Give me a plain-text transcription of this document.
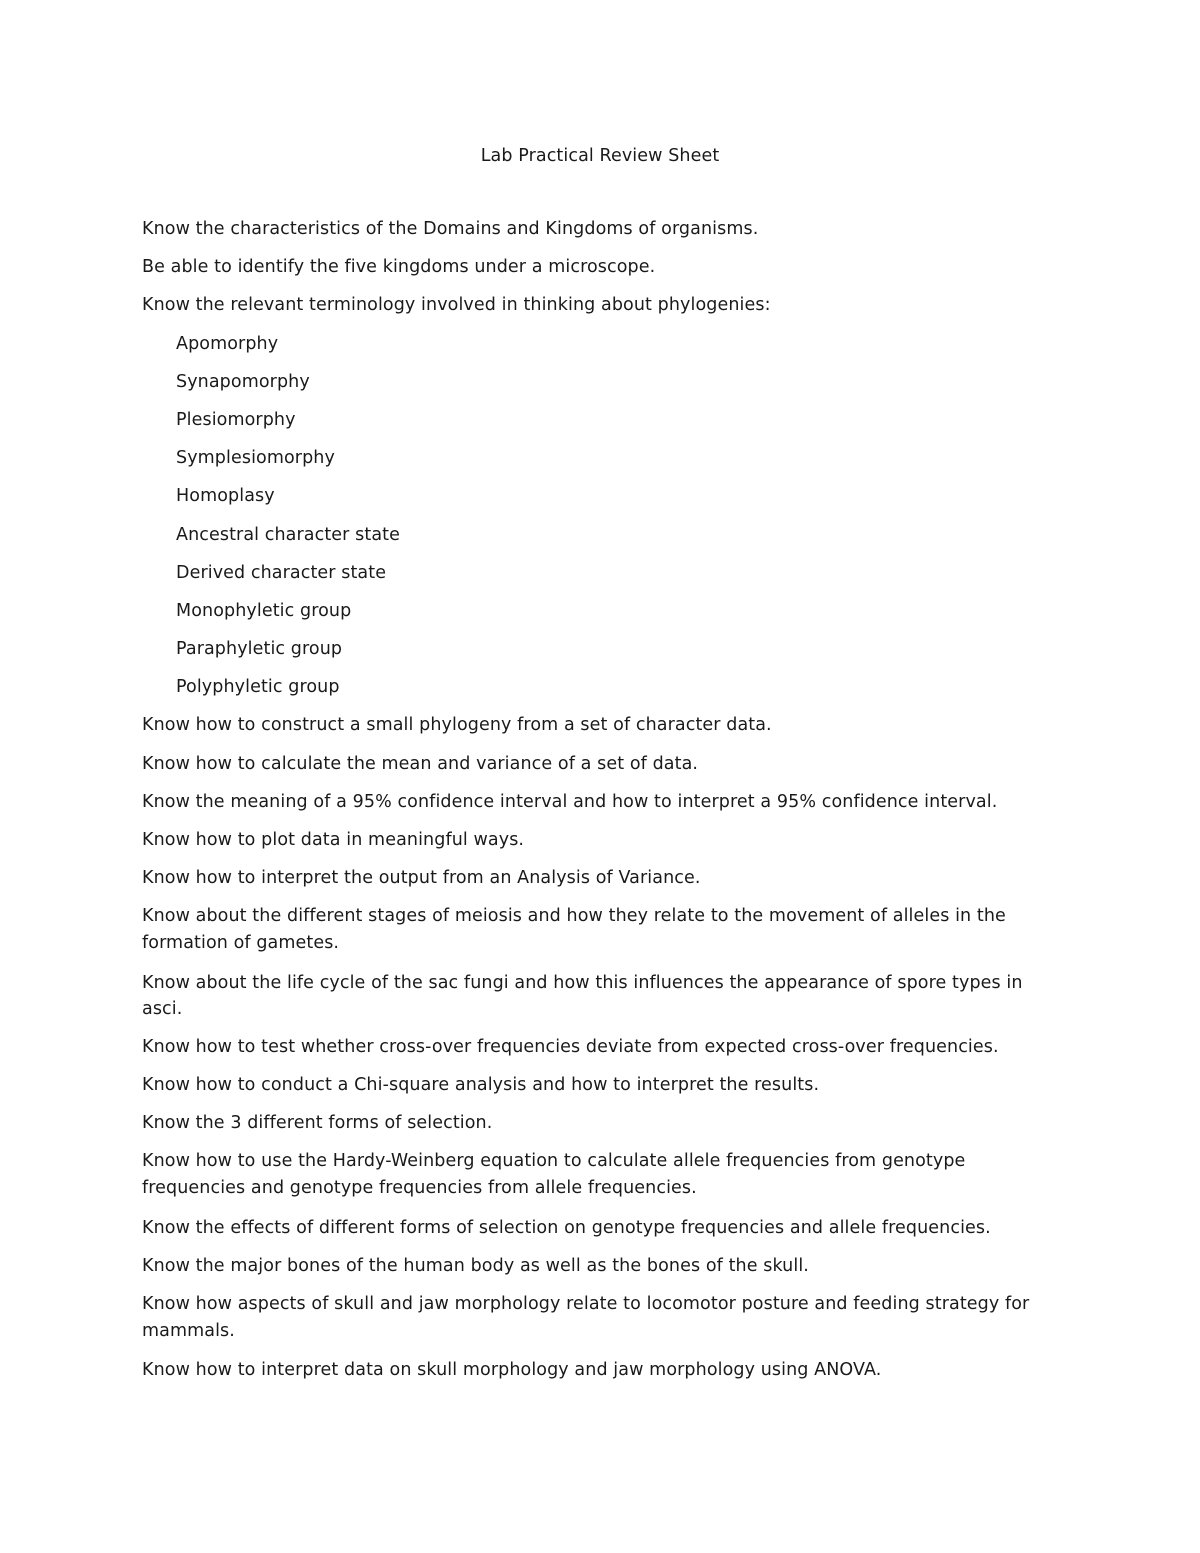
Lab Practical Review Sheet
Know the characteristics of the Domains and Kingdoms of organisms.
Be able to identify the five kingdoms under a microscope.
Know the relevant terminology involved in thinking about phylogenies:
Apomorphy
Synapomorphy
Plesiomorphy
Symplesiomorphy
Homoplasy
Ancestral character state
Derived character state
Monophyletic group
Paraphyletic group
Polyphyletic group
Know how to construct a small phylogeny from a set of character data.
Know how to calculate the mean and variance of a set of data.
Know the meaning of a 95% confidence interval and how to interpret a 95% confidence interval.
Know how to plot data in meaningful ways.
Know how to interpret the output from an Analysis of Variance.
Know about the different stages of meiosis and how they relate to the movement of alleles in the formation of gametes.
Know about the life cycle of the sac fungi and how this influences the appearance of spore types in asci.
Know how to test whether cross-over frequencies deviate from expected cross-over frequencies.
Know how to conduct a Chi-square analysis and how to interpret the results.
Know the 3 different forms of selection.
Know how to use the Hardy-Weinberg equation to calculate allele frequencies from genotype frequencies and genotype frequencies from allele frequencies.
Know the effects of different forms of selection on genotype frequencies and allele frequencies.
Know the major bones of the human body as well as the bones of the skull.
Know how aspects of skull and jaw morphology relate to locomotor posture and feeding strategy for mammals.
Know how to interpret data on skull morphology and jaw morphology using ANOVA.
